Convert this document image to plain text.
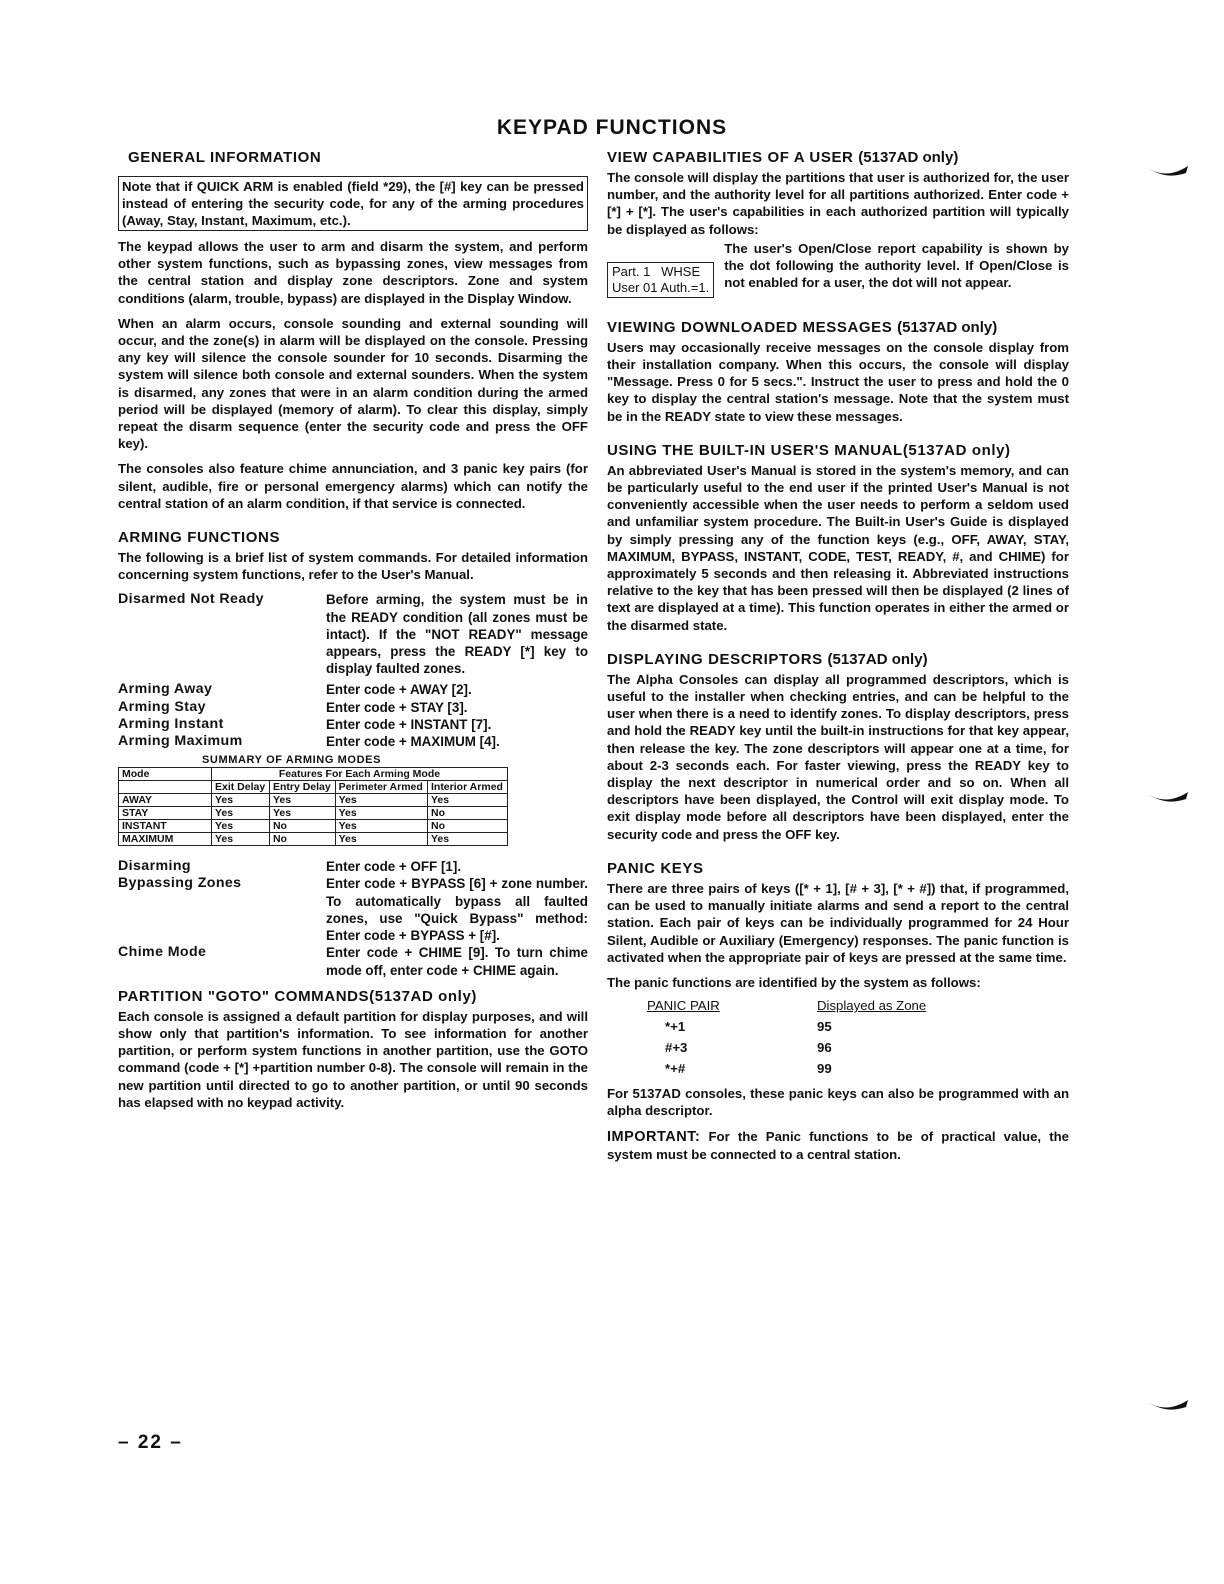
KEYPAD FUNCTIONS
GENERAL INFORMATION
Note that if QUICK ARM is enabled (field *29), the [#] key can be pressed instead of entering the security code, for any of the arming procedures (Away, Stay, Instant, Maximum, etc.).
The keypad allows the user to arm and disarm the system, and perform other system functions, such as bypassing zones, view messages from the central station and display zone descriptors. Zone and system conditions (alarm, trouble, bypass) are displayed in the Display Window.
When an alarm occurs, console sounding and external sounding will occur, and the zone(s) in alarm will be displayed on the console. Pressing any key will silence the console sounder for 10 seconds. Disarming the system will silence both console and external sounders. When the system is disarmed, any zones that were in an alarm condition during the armed period will be displayed (memory of alarm). To clear this display, simply repeat the disarm sequence (enter the security code and press the OFF key).
The consoles also feature chime annunciation, and 3 panic key pairs (for silent, audible, fire or personal emergency alarms) which can notify the central station of an alarm condition, if that service is connected.
ARMING FUNCTIONS
The following is a brief list of system commands. For detailed information concerning system functions, refer to the User's Manual.
Disarmed Not Ready	Before arming, the system must be in the READY condition (all zones must be intact). If the "NOT READY" message appears, press the READY [*] key to display faulted zones.
Arming Away	Enter code + AWAY [2].
Arming Stay	Enter code + STAY [3].
Arming Instant	Enter code + INSTANT [7].
Arming Maximum	Enter code + MAXIMUM [4].
SUMMARY OF ARMING MODES
Mode	Features For Each Arming Mode			
	Exit Delay	Entry Delay	Perimeter Armed	Interior Armed
AWAY	Yes	Yes	Yes	Yes
STAY	Yes	Yes	Yes	No
INSTANT	Yes	No	Yes	No
MAXIMUM	Yes	No	Yes	Yes
Disarming	Enter code + OFF [1].
Bypassing Zones	Enter code + BYPASS [6] + zone number. To automatically bypass all faulted zones, use "Quick Bypass" method: Enter code + BYPASS + [#].
Chime Mode	Enter code + CHIME [9]. To turn chime mode off, enter code + CHIME again.
PARTITION "GOTO" COMMANDS(5137AD only)
Each console is assigned a default partition for display purposes, and will show only that partition's information. To see information for another partition, or perform system functions in another partition, use the GOTO command (code + [*] +partition number 0-8). The console will remain in the new partition until directed to go to another partition, or until 90 seconds has elapsed with no keypad activity.
VIEW CAPABILITIES OF A USER (5137AD only)
The console will display the partitions that user is authorized for, the user number, and the authority level for all partitions authorized. Enter code + [*] + [*]. The user's capabilities in each authorized partition will typically be displayed as follows:
Part. 1   WHSE
User 01 Auth.=1.
The user's Open/Close report capability is shown by the dot following the authority level. If Open/Close is not enabled for a user, the dot will not appear.
VIEWING DOWNLOADED MESSAGES (5137AD only)
Users may occasionally receive messages on the console display from their installation company. When this occurs, the console will display "Message. Press 0 for 5 secs.". Instruct the user to press and hold the 0 key to display the central station's message. Note that the system must be in the READY state to view these messages.
USING THE BUILT-IN USER'S MANUAL(5137AD only)
An abbreviated User's Manual is stored in the system's memory, and can be particularly useful to the end user if the printed User's Manual is not conveniently accessible when the user needs to perform a seldom used and unfamiliar system procedure. The Built-in User's Guide is displayed by simply pressing any of the function keys (e.g., OFF, AWAY, STAY, MAXIMUM, BYPASS, INSTANT, CODE, TEST, READY, #, and CHIME) for approximately 5 seconds and then releasing it. Abbreviated instructions relative to the key that has been pressed will then be displayed (2 lines of text are displayed at a time). This function operates in either the armed or the disarmed state.
DISPLAYING DESCRIPTORS (5137AD only)
The Alpha Consoles can display all programmed descriptors, which is useful to the installer when checking entries, and can be helpful to the user when there is a need to identify zones. To display descriptors, press and hold the READY key until the built-in instructions for that key appear, then release the key. The zone descriptors will appear one at a time, for about 2-3 seconds each. For faster viewing, press the READY key to display the next descriptor in numerical order and so on. When all descriptors have been displayed, the Control will exit display mode. To exit display mode before all descriptors have been displayed, enter the security code and press the OFF key.
PANIC KEYS
There are three pairs of keys ([* + 1], [# + 3], [* + #]) that, if programmed, can be used to manually initiate alarms and send a report to the central station. Each pair of keys can be individually programmed for 24 Hour Silent, Audible or Auxiliary (Emergency) responses. The panic function is activated when the appropriate pair of keys are pressed at the same time.
The panic functions are identified by the system as follows:
PANIC PAIR	Displayed as Zone
*+1	95
#+3	96
*+#	99
For 5137AD consoles, these panic keys can also be programmed with an alpha descriptor.
IMPORTANT: For the Panic functions to be of practical value, the system must be connected to a central station.
– 22 –
